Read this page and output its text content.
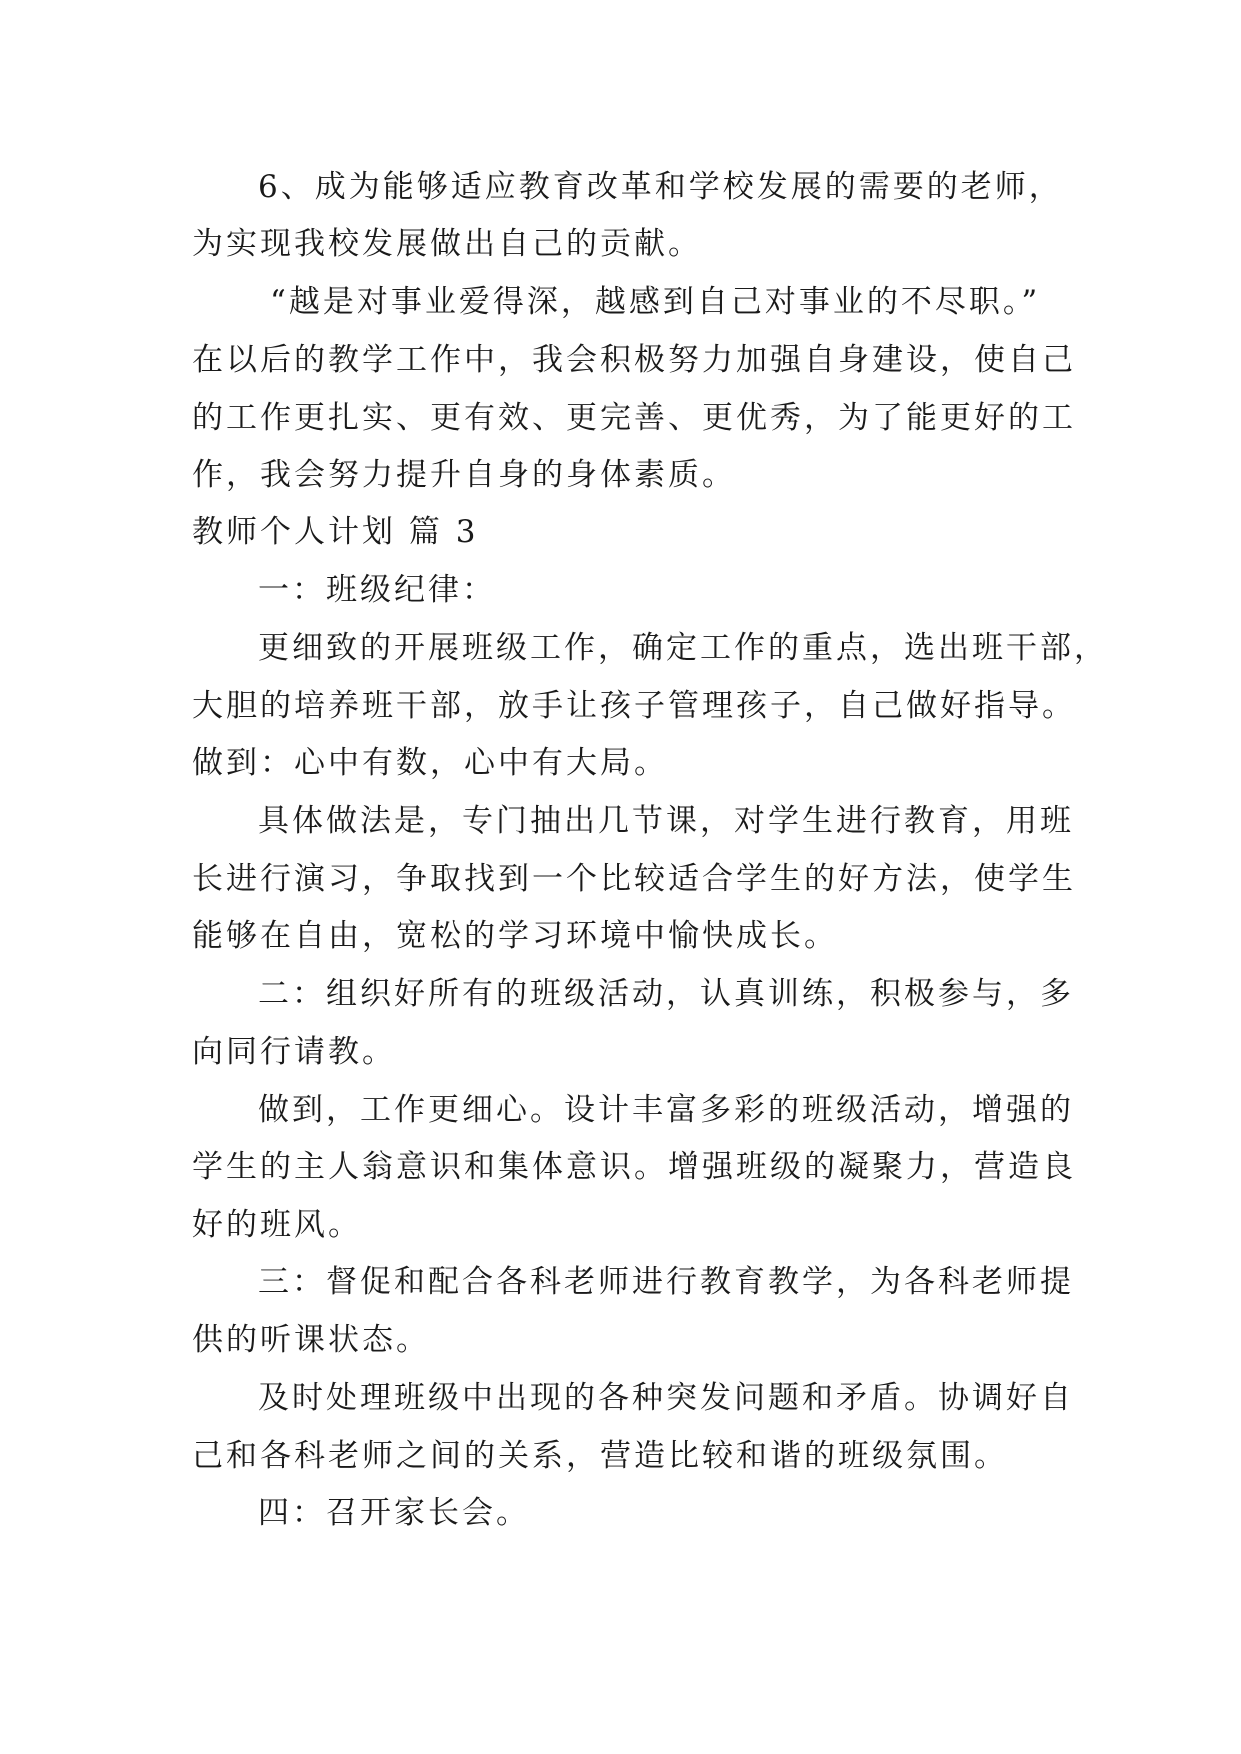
6、成为能够适应教育改革和学校发展的需要的老师，
为实现我校发展做出自己的贡献。
“越是对事业爱得深，越感到自己对事业的不尽职。”
在以后的教学工作中，我会积极努力加强自身建设，使自己
的工作更扎实、更有效、更完善、更优秀，为了能更好的工
作，我会努力提升自身的身体素质。
教师个人计划 篇 3
一：班级纪律：
更细致的开展班级工作，确定工作的重点，选出班干部，
大胆的培养班干部，放手让孩子管理孩子，自己做好指导。
做到：心中有数，心中有大局。
具体做法是，专门抽出几节课，对学生进行教育，用班
长进行演习，争取找到一个比较适合学生的好方法，使学生
能够在自由，宽松的学习环境中愉快成长。
二：组织好所有的班级活动，认真训练，积极参与，多
向同行请教。
做到，工作更细心。设计丰富多彩的班级活动，增强的
学生的主人翁意识和集体意识。增强班级的凝聚力，营造良
好的班风。
三：督促和配合各科老师进行教育教学，为各科老师提
供的听课状态。
及时处理班级中出现的各种突发问题和矛盾。协调好自
己和各科老师之间的关系，营造比较和谐的班级氛围。
四：召开家长会。
